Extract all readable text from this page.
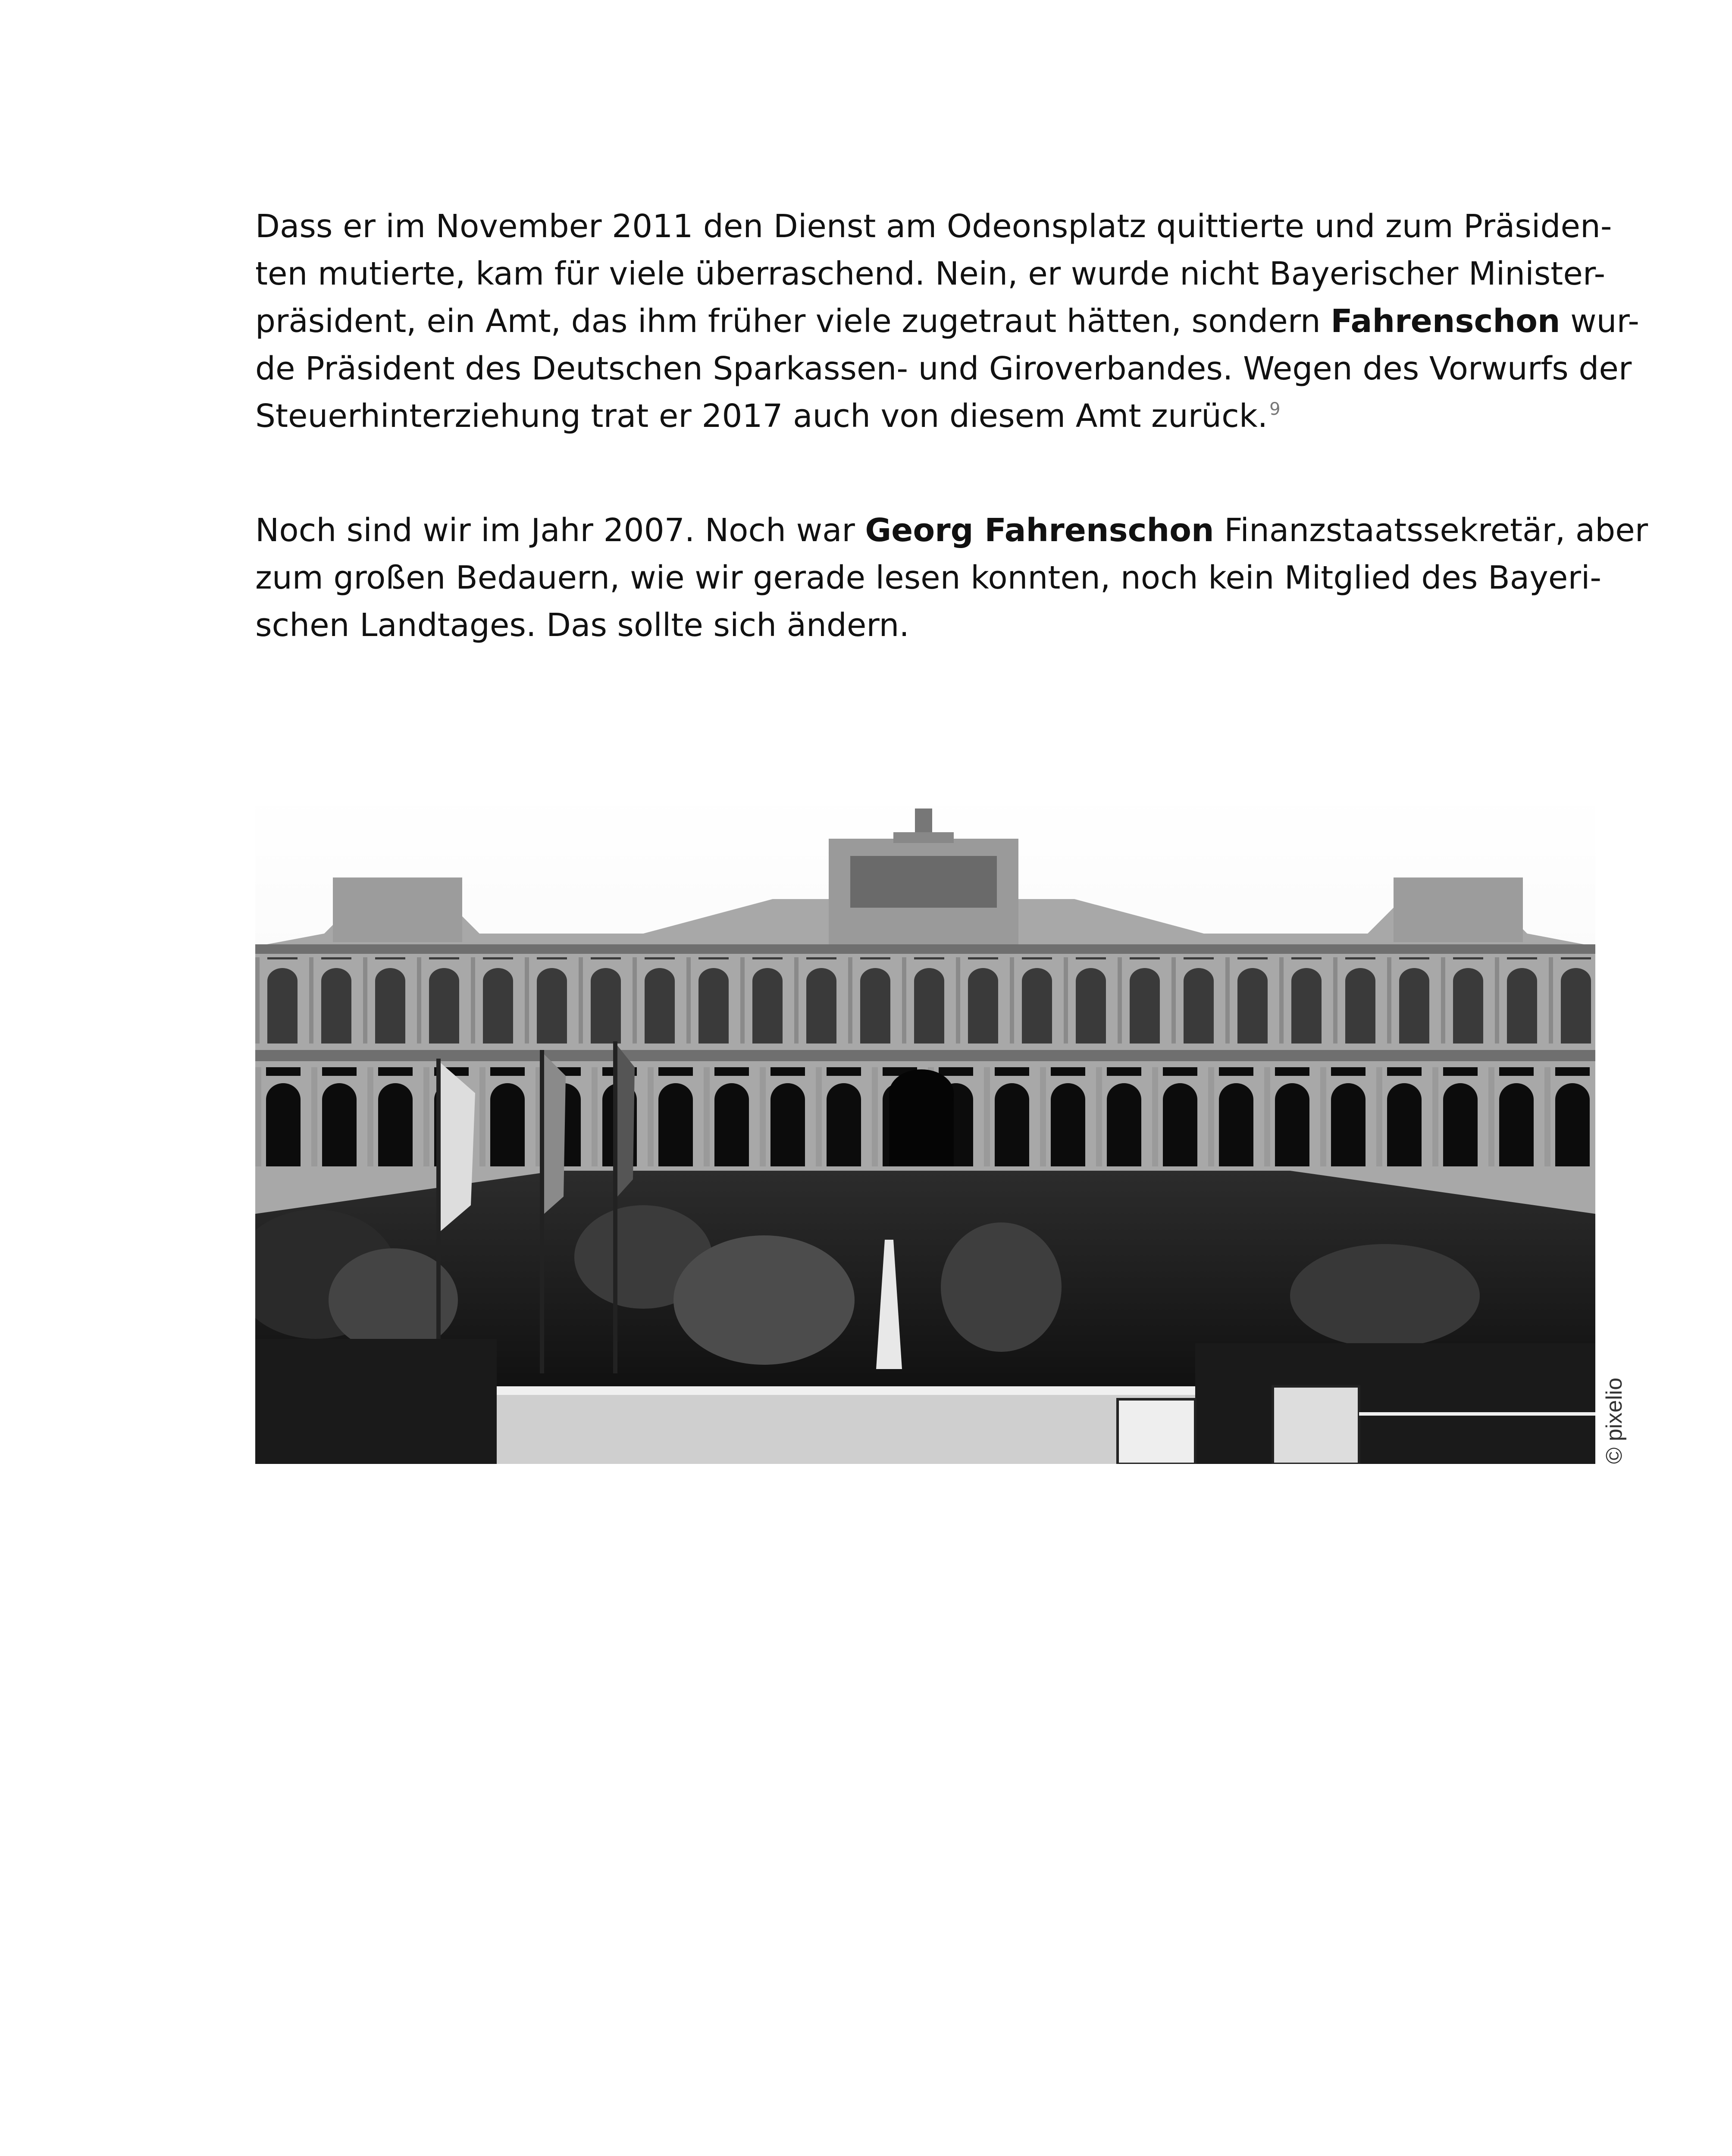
Dass er im November 2011 den Dienst am Odeonsplatz quittierte und zum Präsiden-
ten mutierte, kam für viele überraschend. Nein, er wurde nicht Bayerischer Minister-
präsident, ein Amt, das ihm früher viele zugetraut hätten, sondern Fahrenschon wur-
de Präsident des Deutschen Sparkassen- und Giroverbandes. Wegen des Vorwurfs der
Steuerhinterziehung trat er 2017 auch von diesem Amt zurück. $^9$
Noch sind wir im Jahr 2007. Noch war Georg Fahrenschon Finanzstaatssekretär, aber
zum großen Bedauern, wie wir gerade lesen konnten, noch kein Mitglied des Bayeri-
schen Landtages. Das sollte sich ändern.
© pixelio
